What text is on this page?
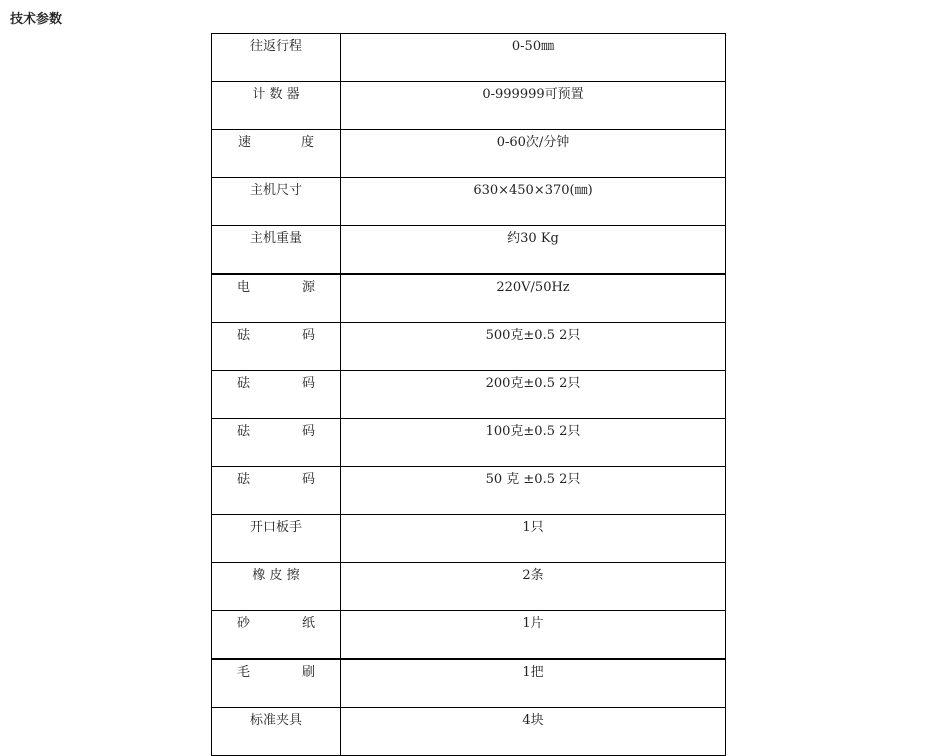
技术参数
往返行程	0-50㎜

计 数 器	0-999999可预置

速 度	0-60次/分钟

主机尺寸	630×450×370(㎜)

主机重量	约30 Kg

电 源	220V/50Hz

砝 码	500克±0.5 2只

砝 码	200克±0.5 2只

砝 码	100克±0.5 2只

砝 码	50 克 ±0.5 2只

开口板手	1只

橡 皮 擦	2条

砂 纸	1片

毛 刷	1把

标准夹具	4块
